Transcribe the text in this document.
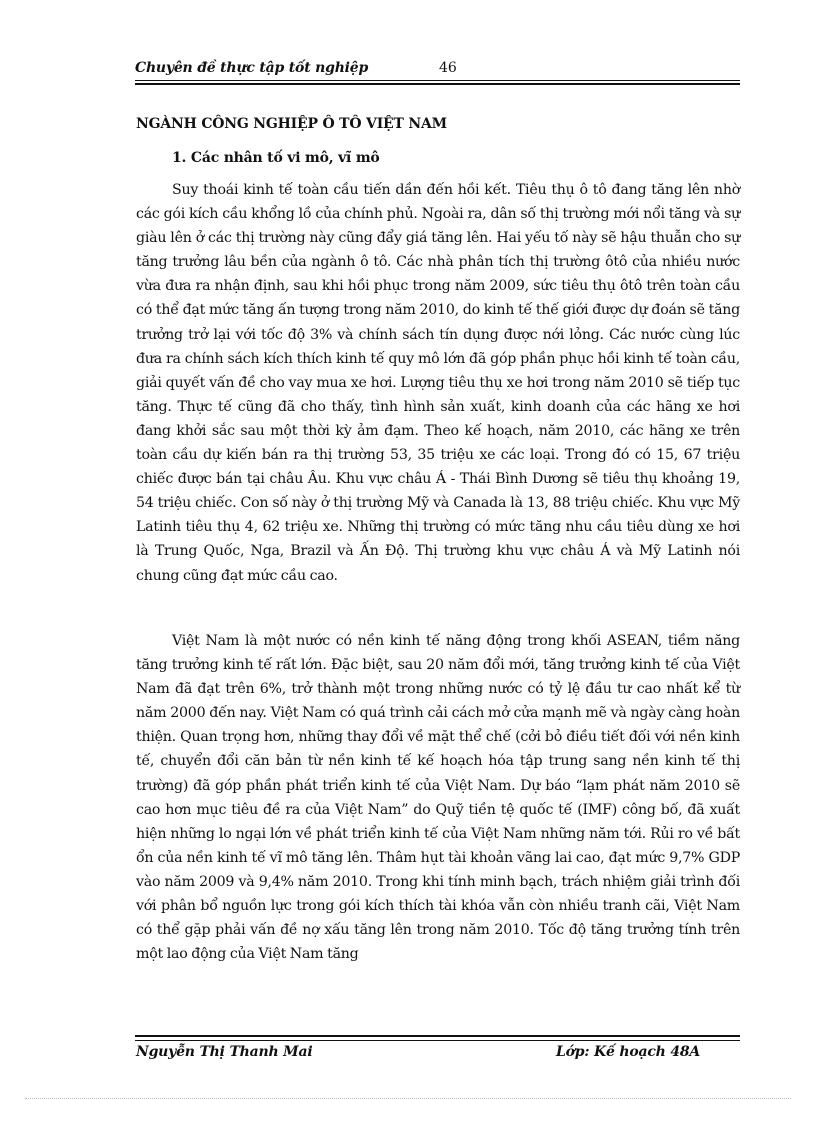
Chuyên đề thực tập tốt nghiệp	46
NGÀNH CÔNG NGHIỆP Ô TÔ VIỆT NAM
1. Các nhân tố vi mô, vĩ mô

Suy thoái kinh tế toàn cầu tiến dần đến hồi kết. Tiêu thụ ô tô đang tăng lên nhờ các gói kích cầu khổng lồ của chính phủ. Ngoài ra, dân số thị trường mới nổi tăng và sự giàu lên ở các thị trường này cũng đẩy giá tăng lên. Hai yếu tố này sẽ hậu thuẫn cho sự tăng trưởng lâu bền của ngành ô tô. Các nhà phân tích thị trường ôtô của nhiều nước vừa đưa ra nhận định, sau khi hồi phục trong năm 2009, sức tiêu thụ ôtô trên toàn cầu có thể đạt mức tăng ấn tượng trong năm 2010, do kinh tế thế giới được dự đoán sẽ tăng trưởng trở lại với tốc độ 3% và chính sách tín dụng được nới lỏng. Các nước cùng lúc đưa ra chính sách kích thích kinh tế quy mô lớn đã góp phần phục hồi kinh tế toàn cầu, giải quyết vấn đề cho vay mua xe hơi. Lượng tiêu thụ xe hơi trong năm 2010 sẽ tiếp tục tăng. Thực tế cũng đã cho thấy, tình hình sản xuất, kinh doanh của các hãng xe hơi đang khởi sắc sau một thời kỳ ảm đạm. Theo kế hoạch, năm 2010, các hãng xe trên toàn cầu dự kiến bán ra thị trường 53, 35 triệu xe các loại. Trong đó có 15, 67 triệu chiếc được bán tại châu Âu. Khu vực châu Á - Thái Bình Dương sẽ tiêu thụ khoảng 19, 54 triệu chiếc. Con số này ở thị trường Mỹ và Canada là 13, 88 triệu chiếc. Khu vực Mỹ Latinh tiêu thụ 4, 62 triệu xe. Những thị trường có mức tăng nhu cầu tiêu dùng xe hơi là Trung Quốc, Nga, Brazil và Ấn Độ. Thị trường khu vực châu Á và Mỹ Latinh nói chung cũng đạt mức cầu cao.

Việt Nam là một nước có nền kinh tế năng động trong khối ASEAN, tiềm năng tăng trưởng kinh tế rất lớn. Đặc biệt, sau 20 năm đổi mới, tăng trưởng kinh tế của Việt Nam đã đạt trên 6%, trở thành một trong những nước có tỷ lệ đầu tư cao nhất kể từ năm 2000 đến nay. Việt Nam có quá trình cải cách mở cửa mạnh mẽ và ngày càng hoàn thiện. Quan trọng hơn, những thay đổi về mặt thể chế (cởi bỏ điều tiết đối với nền kinh tế, chuyển đổi căn bản từ nền kinh tế kế hoạch hóa tập trung sang nền kinh tế thị trường) đã góp phần phát triển kinh tế của Việt Nam. Dự báo “lạm phát năm 2010 sẽ cao hơn mục tiêu đề ra của Việt Nam” do Quỹ tiền tệ quốc tế (IMF) công bố, đã xuất hiện những lo ngại lớn về phát triển kinh tế của Việt Nam những năm tới. Rủi ro về bất ổn của nền kinh tế vĩ mô tăng lên. Thâm hụt tài khoản vãng lai cao, đạt mức 9,7% GDP vào năm 2009 và 9,4% năm 2010. Trong khi tính minh bạch, trách nhiệm giải trình đối với phân bổ nguồn lực trong gói kích thích tài khóa vẫn còn nhiều tranh cãi, Việt Nam có thể gặp phải vấn đề nợ xấu tăng lên trong năm 2010. Tốc độ tăng trưởng tính trên một lao động của Việt Nam tăng

Nguyễn Thị Thanh Mai	Lớp: Kế hoạch 48A
